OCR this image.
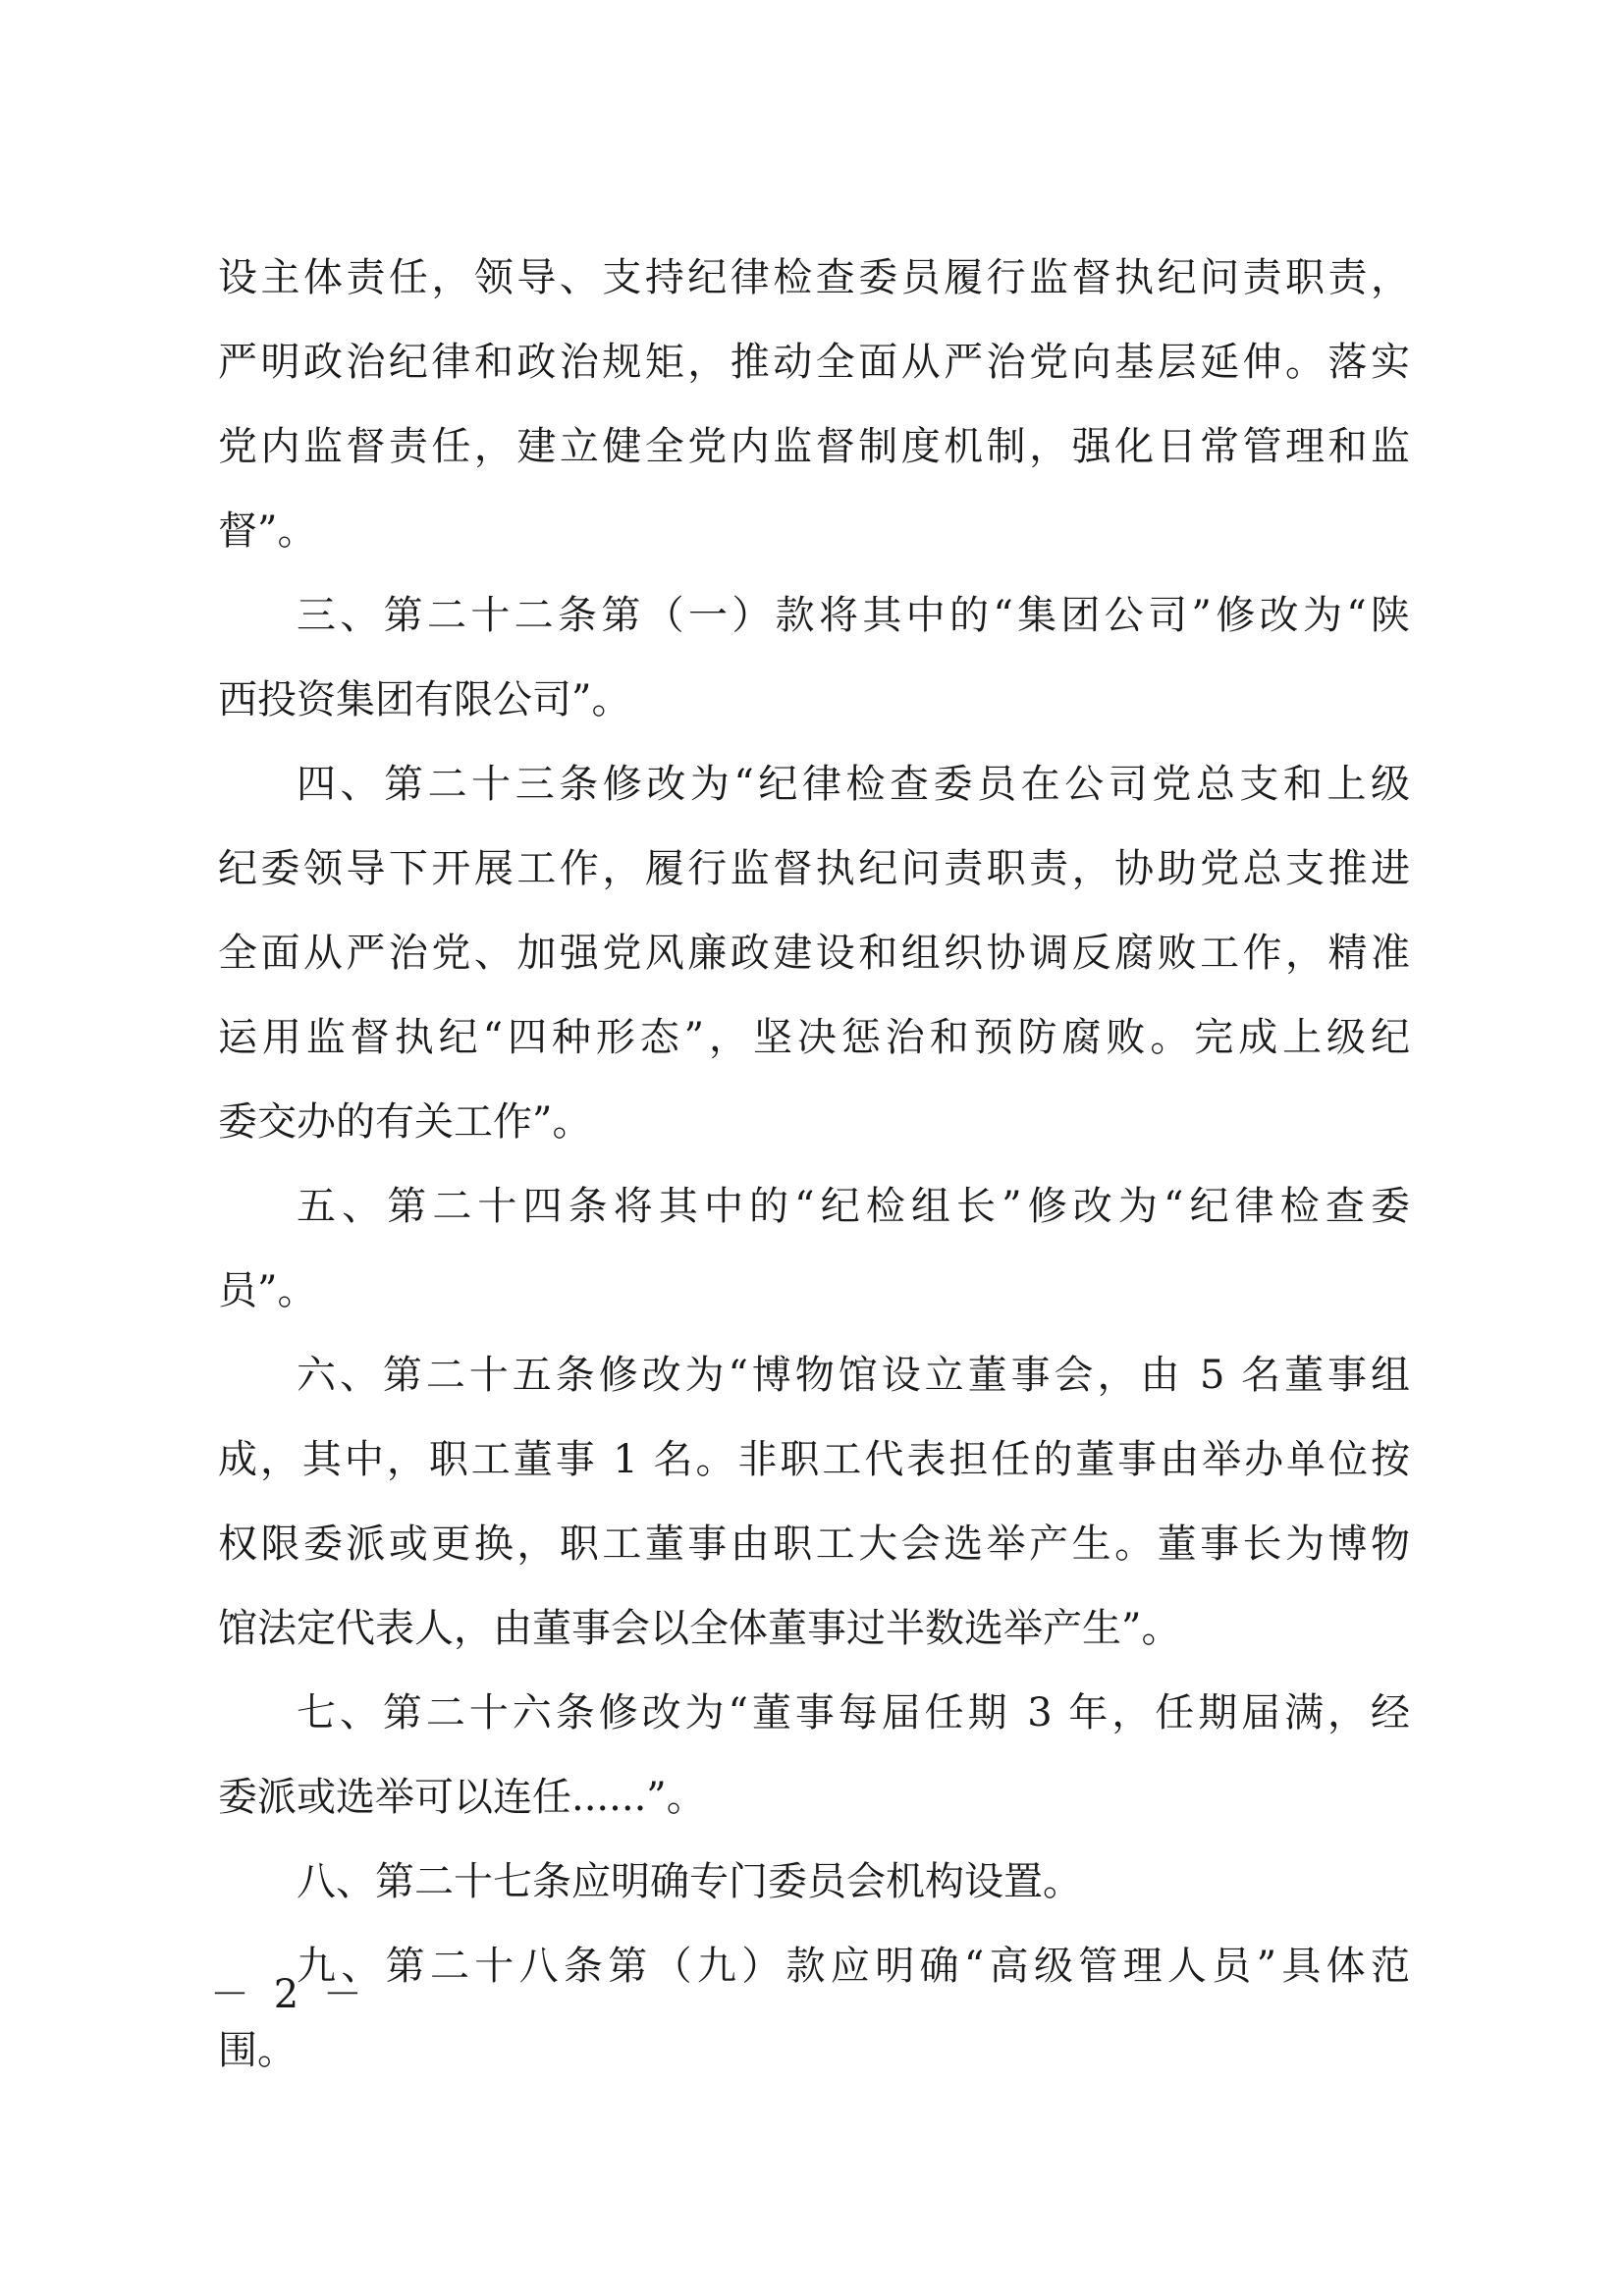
设主体责任，领导、支持纪律检查委员履行监督执纪问责职责，
严明政治纪律和政治规矩，推动全面从严治党向基层延伸。落实
党内监督责任，建立健全党内监督制度机制，强化日常管理和监
督”。
三、第二十二条第（一）款将其中的“集团公司”修改为“陕
西投资集团有限公司”。
四、第二十三条修改为“纪律检查委员在公司党总支和上级
纪委领导下开展工作，履行监督执纪问责职责，协助党总支推进
全面从严治党、加强党风廉政建设和组织协调反腐败工作，精准
运用监督执纪“四种形态”，坚决惩治和预防腐败。完成上级纪
委交办的有关工作”。
五、第二十四条将其中的“纪检组长”修改为“纪律检查委
员”。
六、第二十五条修改为“博物馆设立董事会，由 5 名董事组
成，其中，职工董事 1 名。非职工代表担任的董事由举办单位按
权限委派或更换，职工董事由职工大会选举产生。董事长为博物
馆法定代表人，由董事会以全体董事过半数选举产生”。
七、第二十六条修改为“董事每届任期 3 年，任期届满，经
委派或选举可以连任......”。
八、第二十七条应明确专门委员会机构设置。
九、第二十八条第（九）款应明确“高级管理人员”具体范
围。
－ 2 －
